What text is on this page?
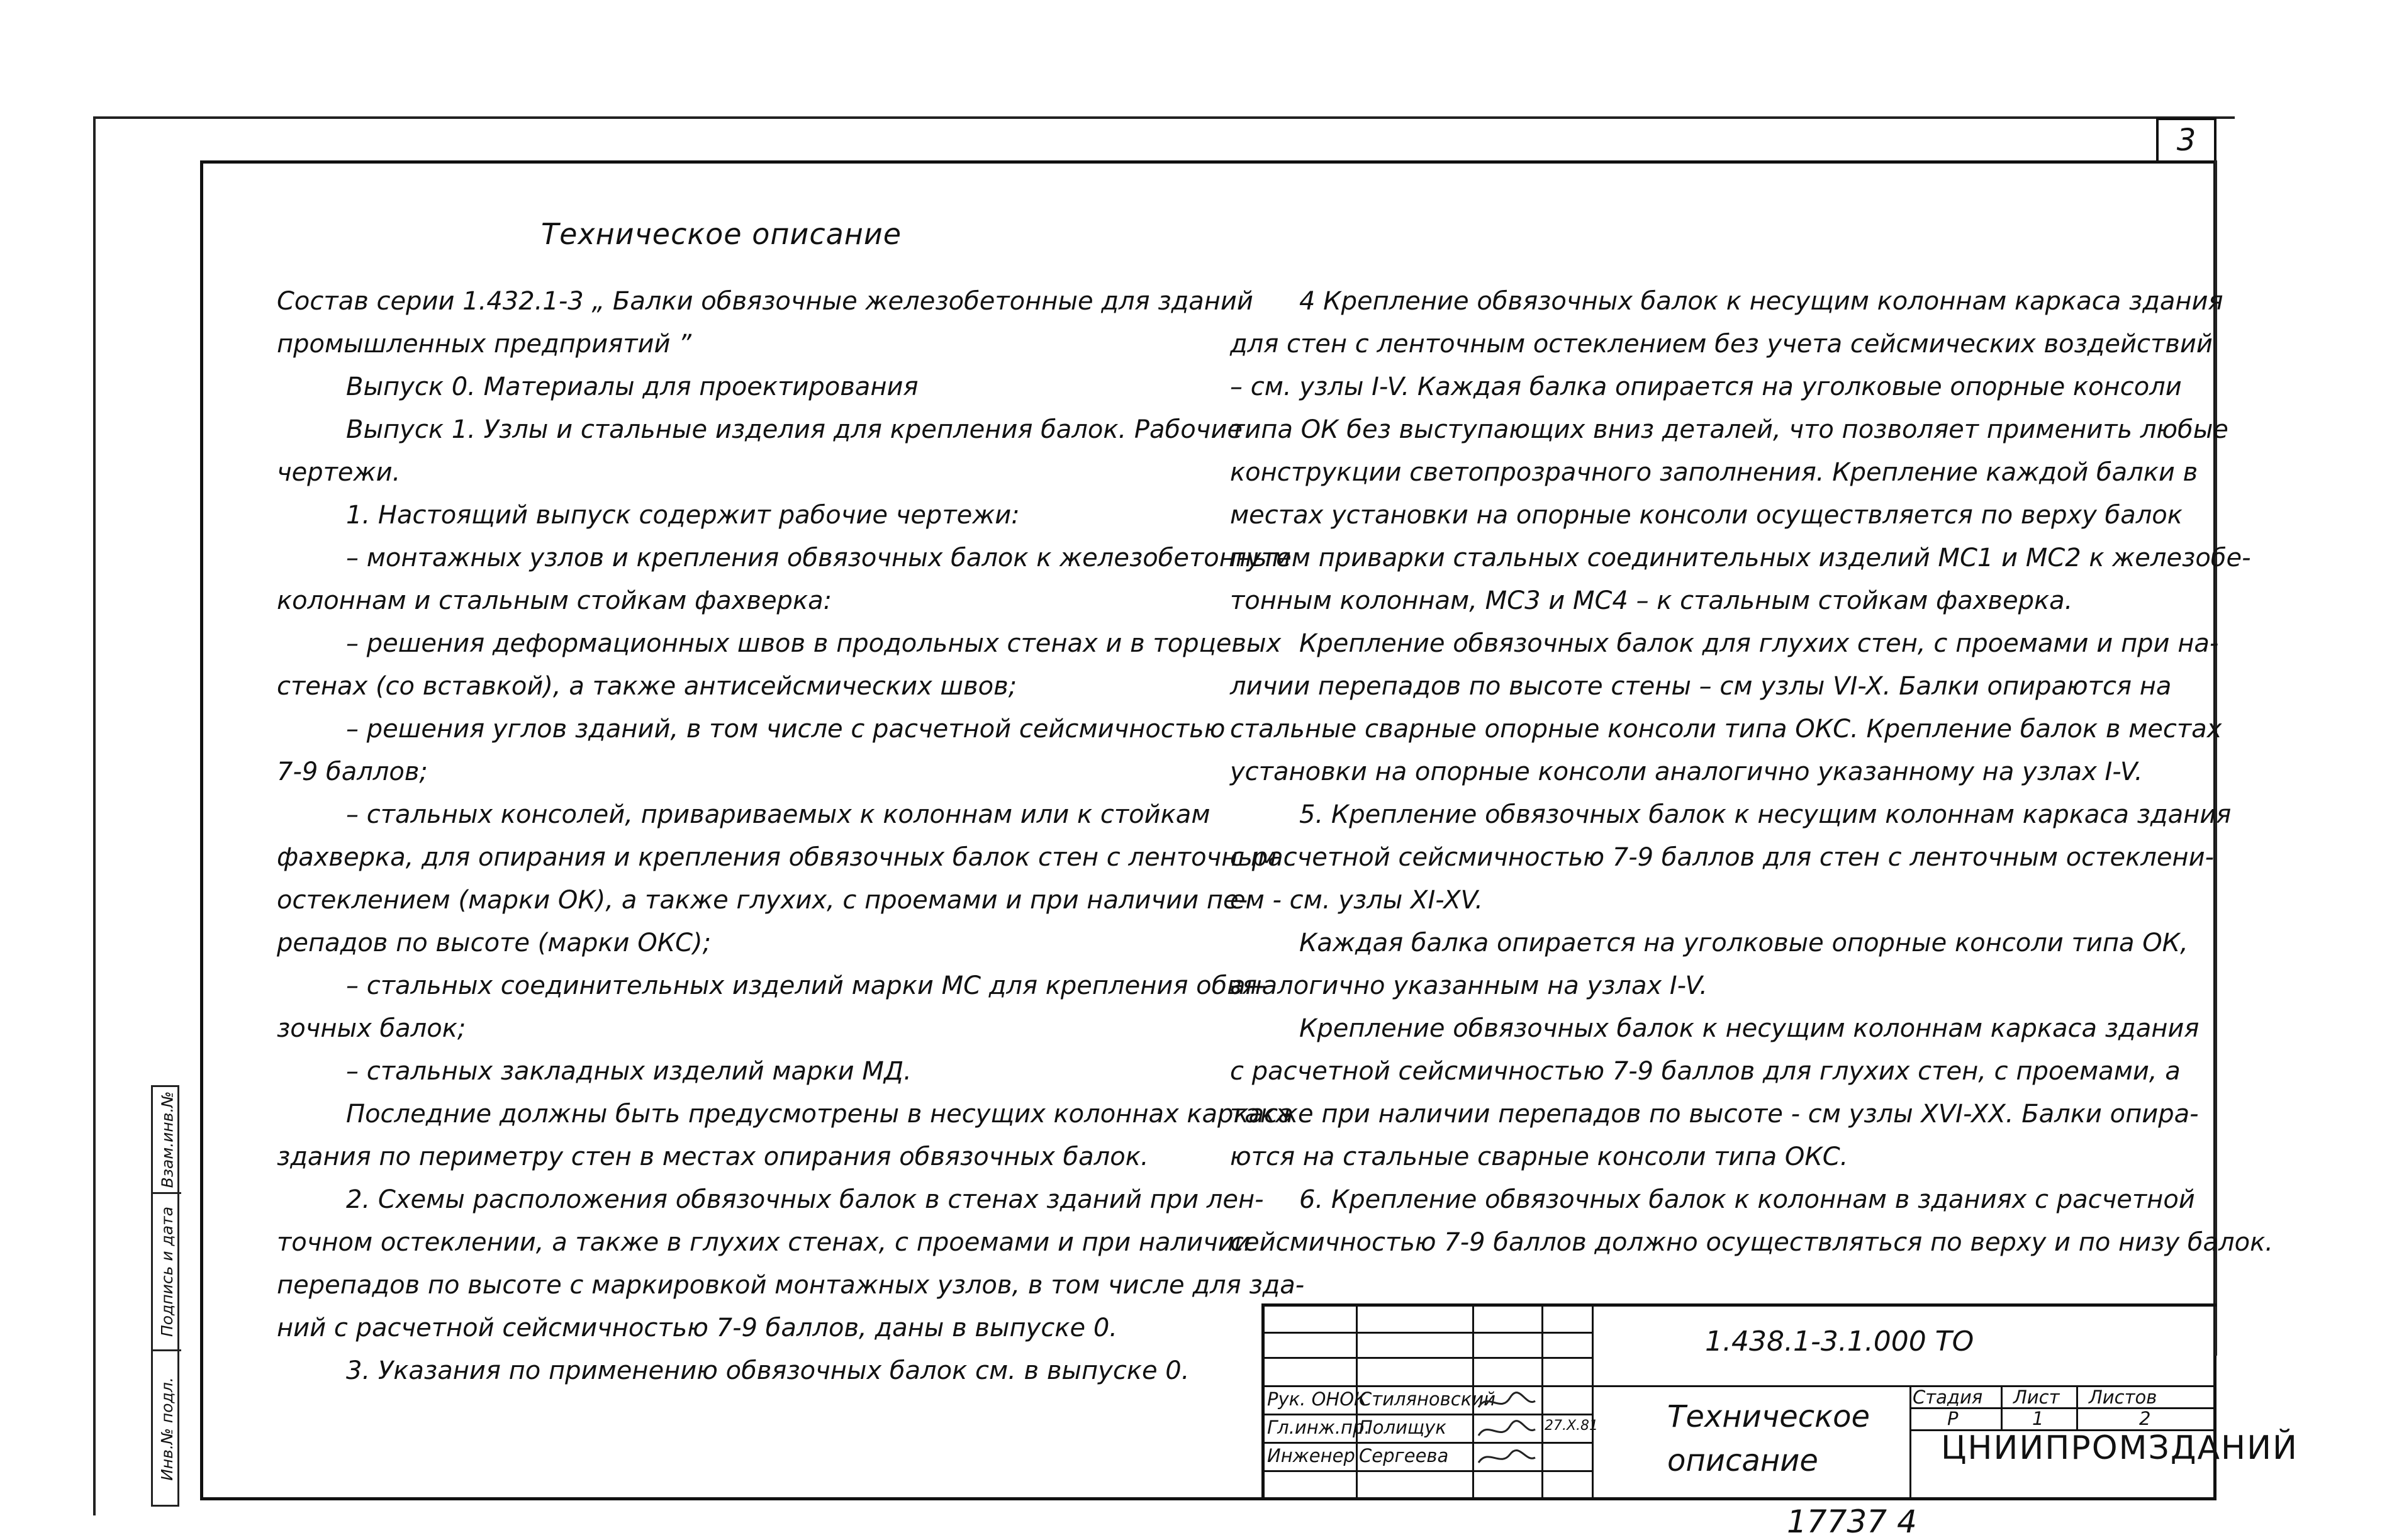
3
Техническое описание

Состав серии 1.432.1-3 „ Балки обвязочные железобетонные для зданий

промышленных предприятий ”

Выпуск 0. Материалы для проектирования

Выпуск 1. Узлы и стальные изделия для крепления балок. Рабочие

чертежи.

1. Настоящий выпуск содержит рабочие чертежи:

– монтажных узлов и крепления обвязочных балок к железобетонным

колоннам и стальным стойкам фахверка:

– решения деформационных швов в продольных стенах и в торцевых

стенах (со вставкой), а также антисейсмических швов;

– решения углов зданий, в том числе с расчетной сейсмичностью

7-9 баллов;

– стальных консолей, привариваемых к колоннам или к стойкам

фахверка, для опирания и крепления обвязочных балок стен с ленточным

остеклением (марки ОК), а также глухих, с проемами и при наличии пе-

репадов по высоте (марки ОКС);

– стальных соединительных изделий марки МС для крепления обвя-

зочных балок;

– стальных закладных изделий марки МД.

Последние должны быть предусмотрены в несущих колоннах каркаса

здания по периметру стен в местах опирания обвязочных балок.

2. Схемы расположения обвязочных балок в стенах зданий при лен-

точном остеклении, а также в глухих стенах, с проемами и при наличии

перепадов по высоте с маркировкой монтажных узлов, в том числе для зда-

ний с расчетной сейсмичностью 7-9 баллов, даны в выпуске 0.

3. Указания по применению обвязочных балок см. в выпуске 0.

4 Крепление обвязочных балок к несущим колоннам каркаса здания

для стен с ленточным остеклением без учета сейсмических воздействий

– см. узлы I-V. Каждая балка опирается на уголковые опорные консоли

типа ОК без выступающих вниз деталей, что позволяет применить любые

конструкции светопрозрачного заполнения. Крепление каждой балки в

местах установки на опорные консоли осуществляется по верху балок

путем приварки стальных соединительных изделий МС1 и МС2 к железобе-

тонным колоннам, МС3 и МС4 – к стальным стойкам фахверка.

Крепление обвязочных балок для глухих стен, с проемами и при на-

личии перепадов по высоте стены – см узлы VI-X. Балки опираются на

стальные сварные опорные консоли типа ОКС. Крепление балок в местах

установки на опорные консоли аналогично указанному на узлах I-V.

5. Крепление обвязочных балок к несущим колоннам каркаса здания

с расчетной сейсмичностью 7-9 баллов для стен с ленточным остеклени-

ем - см. узлы XI-XV.

Каждая балка опирается на уголковые опорные консоли типа ОК,

аналогично указанным на узлах I-V.

Крепление обвязочных балок к несущим колоннам каркаса здания

с расчетной сейсмичностью 7-9 баллов для глухих стен, с проемами, а

также при наличии перепадов по высоте - см узлы XVI-XX. Балки опира-

ются на стальные сварные консоли типа ОКС.

6. Крепление обвязочных балок к колоннам в зданиях с расчетной

сейсмичностью 7-9 баллов должно осуществляться по верху и по низу балок.

Взам.инв.№
Подпись и дата
Инв.№ подл.
1.438.1-3.1.000 ТО
Рук. ОНОК
Стиляновский
Гл.инж.пр.
Полищук	27.X.81
Инженер Сергеева
Техническое
описание
Стадия Лист Листов
Р	1	2
ЦНИИПРОМЗДАНИЙ
17737 4
